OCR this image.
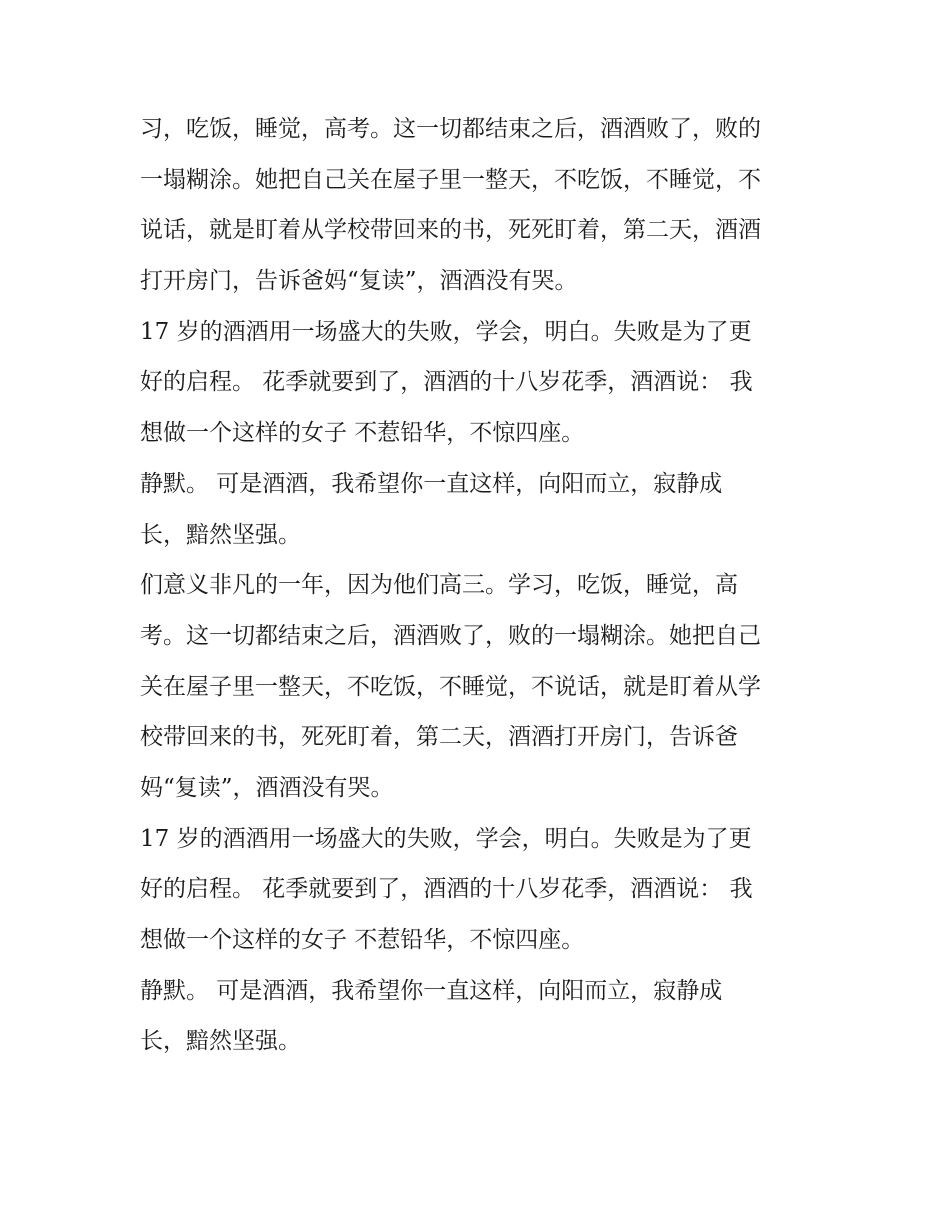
习，吃饭，睡觉，高考。这一切都结束之后，酒酒败了，败的
一塌糊涂。她把自己关在屋子里一整天，不吃饭，不睡觉，不
说话，就是盯着从学校带回来的书，死死盯着，第二天，酒酒
打开房门，告诉爸妈“复读”，酒酒没有哭。
17 岁的酒酒用一场盛大的失败，学会，明白。失败是为了更
好的启程。 花季就要到了，酒酒的十八岁花季，酒酒说： 我
想做一个这样的女子 不惹铅华，不惊四座。
静默。 可是酒酒，我希望你一直这样，向阳而立，寂静成
长，黯然坚强。
们意义非凡的一年，因为他们高三。学习，吃饭，睡觉，高
考。这一切都结束之后，酒酒败了，败的一塌糊涂。她把自己
关在屋子里一整天，不吃饭，不睡觉，不说话，就是盯着从学
校带回来的书，死死盯着，第二天，酒酒打开房门，告诉爸
妈“复读”，酒酒没有哭。
17 岁的酒酒用一场盛大的失败，学会，明白。失败是为了更
好的启程。 花季就要到了，酒酒的十八岁花季，酒酒说： 我
想做一个这样的女子 不惹铅华，不惊四座。
静默。 可是酒酒，我希望你一直这样，向阳而立，寂静成
长，黯然坚强。
